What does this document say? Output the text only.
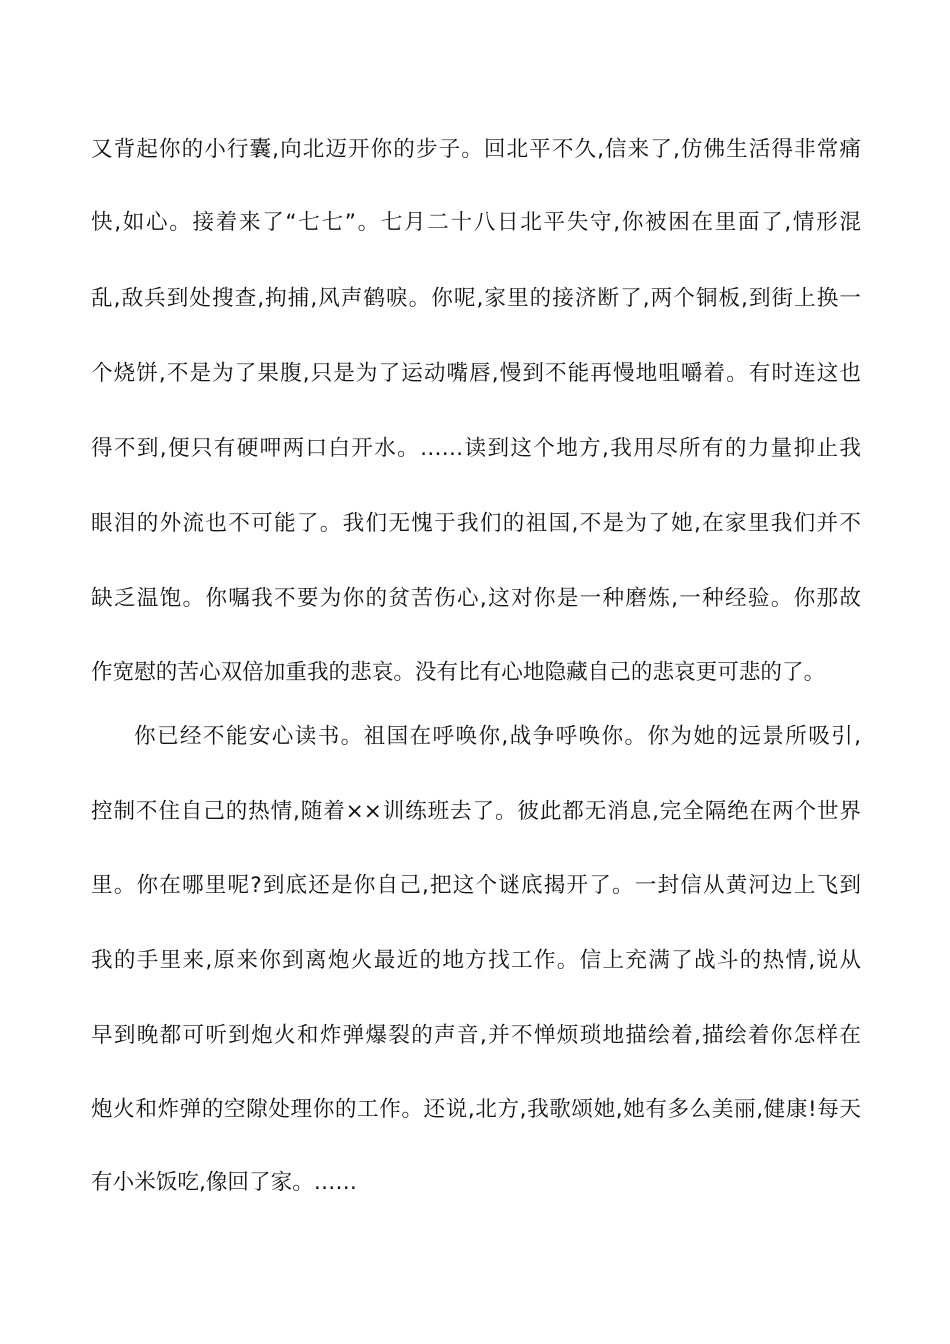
又背起你的小行囊,向北迈开你的步子。回北平不久,信来了,仿佛生活得非常痛
快,如心。接着来了“七七”。七月二十八日北平失守,你被困在里面了,情形混
乱,敌兵到处搜查,拘捕,风声鹤唳。你呢,家里的接济断了,两个铜板,到街上换一
个烧饼,不是为了果腹,只是为了运动嘴唇,慢到不能再慢地咀嚼着。有时连这也
得不到,便只有硬呷两口白开水。……读到这个地方,我用尽所有的力量抑止我
眼泪的外流也不可能了。我们无愧于我们的祖国,不是为了她,在家里我们并不
缺乏温饱。你嘱我不要为你的贫苦伤心,这对你是一种磨炼,一种经验。你那故
作宽慰的苦心双倍加重我的悲哀。没有比有心地隐藏自己的悲哀更可悲的了。
你已经不能安心读书。祖国在呼唤你,战争呼唤你。你为她的远景所吸引,
控制不住自己的热情,随着××训练班去了。彼此都无消息,完全隔绝在两个世界
里。你在哪里呢?到底还是你自己,把这个谜底揭开了。一封信从黄河边上飞到
我的手里来,原来你到离炮火最近的地方找工作。信上充满了战斗的热情,说从
早到晚都可听到炮火和炸弹爆裂的声音,并不惮烦琐地描绘着,描绘着你怎样在
炮火和炸弹的空隙处理你的工作。还说,北方,我歌颂她,她有多么美丽,健康!每天
有小米饭吃,像回了家。……
